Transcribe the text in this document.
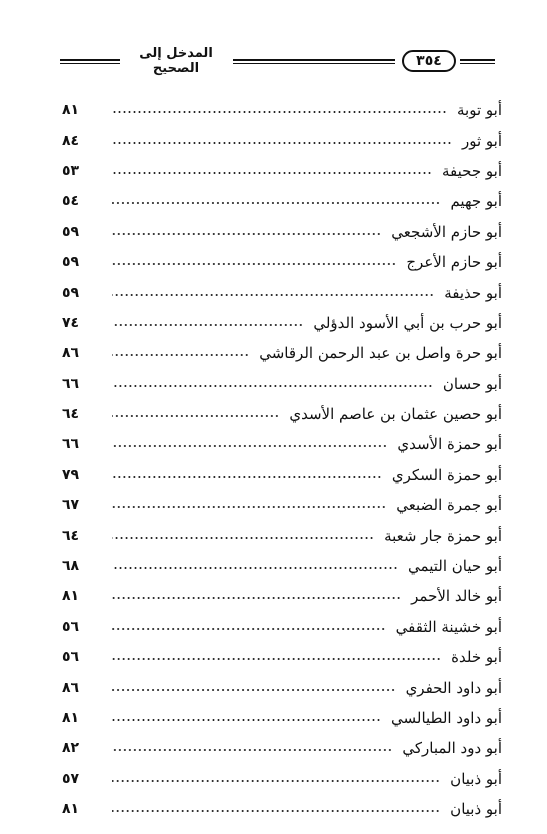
المدخل إلى الصحيح	٣٥٤
أبو توبة
٨١
أبو ثور
٨٤
أبو جحيفة
٥٣
أبو جهيم
٥٤
أبو حازم الأشجعي
٥٩
أبو حازم الأعرج
٥٩
أبو حذيفة
٥٩
أبو حرب بن أبي الأسود الدؤلي
٧٤
أبو حرة واصل بن عبد الرحمن الرقاشي
٨٦
أبو حسان
٦٦
أبو حصين عثمان بن عاصم الأسدي
٦٤
أبو حمزة الأسدي
٦٦
أبو حمزة السكري
٧٩
أبو جمرة الضبعي
٦٧
أبو حمزة جار شعبة
٦٤
أبو حيان التيمي
٦٨
أبو خالد الأحمر
٨١
أبو خشينة الثقفي
٥٦
أبو خلدة
٥٦
أبو داود الحفري
٨٦
أبو داود الطيالسي
٨١
أبو دود المباركي
٨٢
أبو ذبيان
٥٧
أبو ذبيان
٨١
